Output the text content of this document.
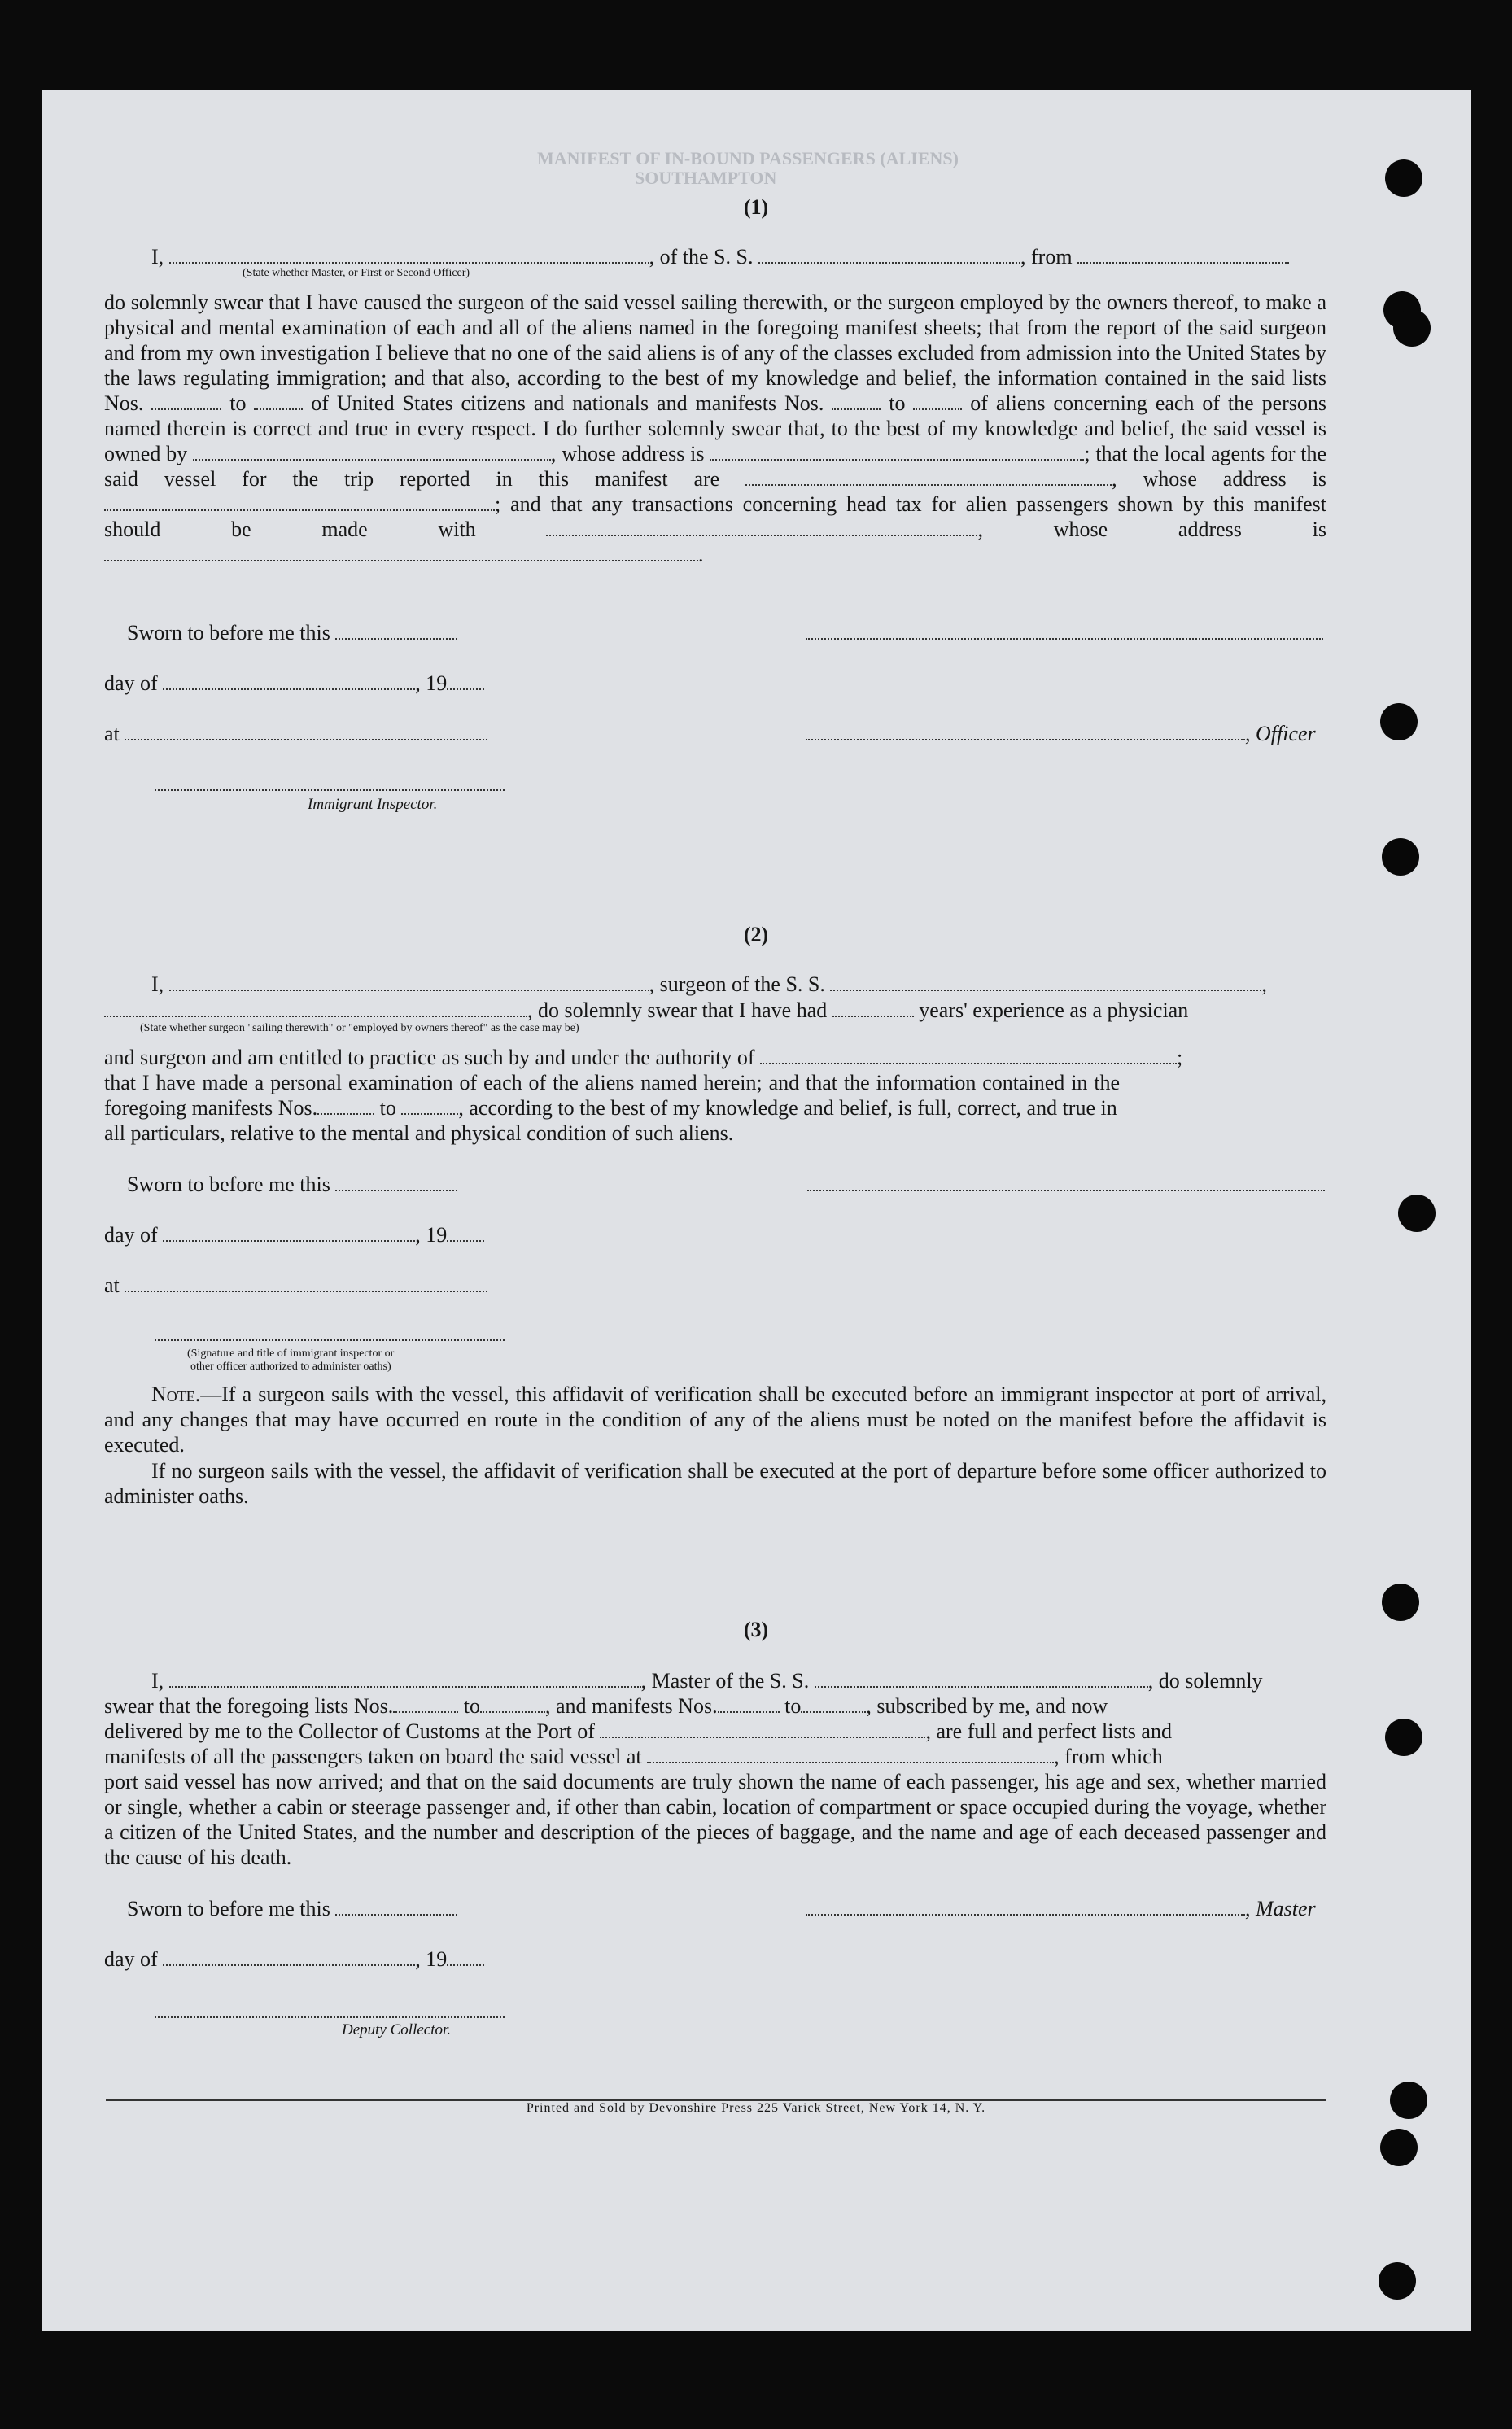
MANIFEST OF IN-BOUND PASSENGERS (ALIENS)
SOUTHAMPTON
(1)
I,	, of the S. S.	, from
(State whether Master, or First or Second Officer)
do solemnly swear that I have caused the surgeon of the said vessel sailing therewith, or the surgeon employed by the owners thereof, to make a physical and mental examination of each and all of the aliens named in the foregoing manifest sheets; that from the report of the said surgeon and from my own investigation I believe that no one of the said aliens is of any of the classes excluded from admission into the United States by the laws regulating immigration; and that also, according to the best of my knowledge and belief, the information contained in the said lists Nos.	to	of United States citizens and nationals and manifests Nos.	to	of aliens concerning each of the persons named therein is correct and true in every respect. I do further solemnly swear that, to the best of my knowledge and belief, the said vessel is owned by	, whose address is	; that the local agents for the said vessel for the trip reported in this manifest are	, whose address is ; and that any transactions concerning head tax for alien passengers shown by this manifest should be made with	, whose address is .
Sworn to before me this
day of	, 19
at	, Officer
Immigrant Inspector.
(2)
I,	, surgeon of the S. S.	,
, do solemnly swear that I have had	years' experience as a physician
(State whether surgeon "sailing therewith" or "employed by owners thereof" as the case may be)
and surgeon and am entitled to practice as such by and under the authority of	;
that I have made a personal examination of each of the aliens named herein; and that the information contained in the
foregoing manifests Nos.	to	, according to the best of my knowledge and belief, is full, correct, and true in
all particulars, relative to the mental and physical condition of such aliens.
Sworn to before me this
day of	, 19
at
(Signature and title of immigrant inspector or
other officer authorized to administer oaths)
Note.—If a surgeon sails with the vessel, this affidavit of verification shall be executed before an immigrant inspector at port of arrival, and any changes that may have occurred en route in the condition of any of the aliens must be noted on the manifest before the affidavit is executed.
If no surgeon sails with the vessel, the affidavit of verification shall be executed at the port of departure before some officer authorized to administer oaths.
(3)
I,	, Master of the S. S.	, do solemnly
swear that the foregoing lists Nos.	to	, and manifests Nos.	to	, subscribed by me, and now
delivered by me to the Collector of Customs at the Port of	, are full and perfect lists and
manifests of all the passengers taken on board the said vessel at	, from which
port said vessel has now arrived; and that on the said documents are truly shown the name of each passenger, his age and sex, whether married or single, whether a cabin or steerage passenger and, if other than cabin, location of compartment or space occupied during the voyage, whether a citizen of the United States, and the number and description of the pieces of baggage, and the name and age of each deceased passenger and the cause of his death.
Sworn to before me this	, Master
day of	, 19
Deputy Collector.
Printed and Sold by Devonshire Press 225 Varick Street, New York 14, N. Y.
